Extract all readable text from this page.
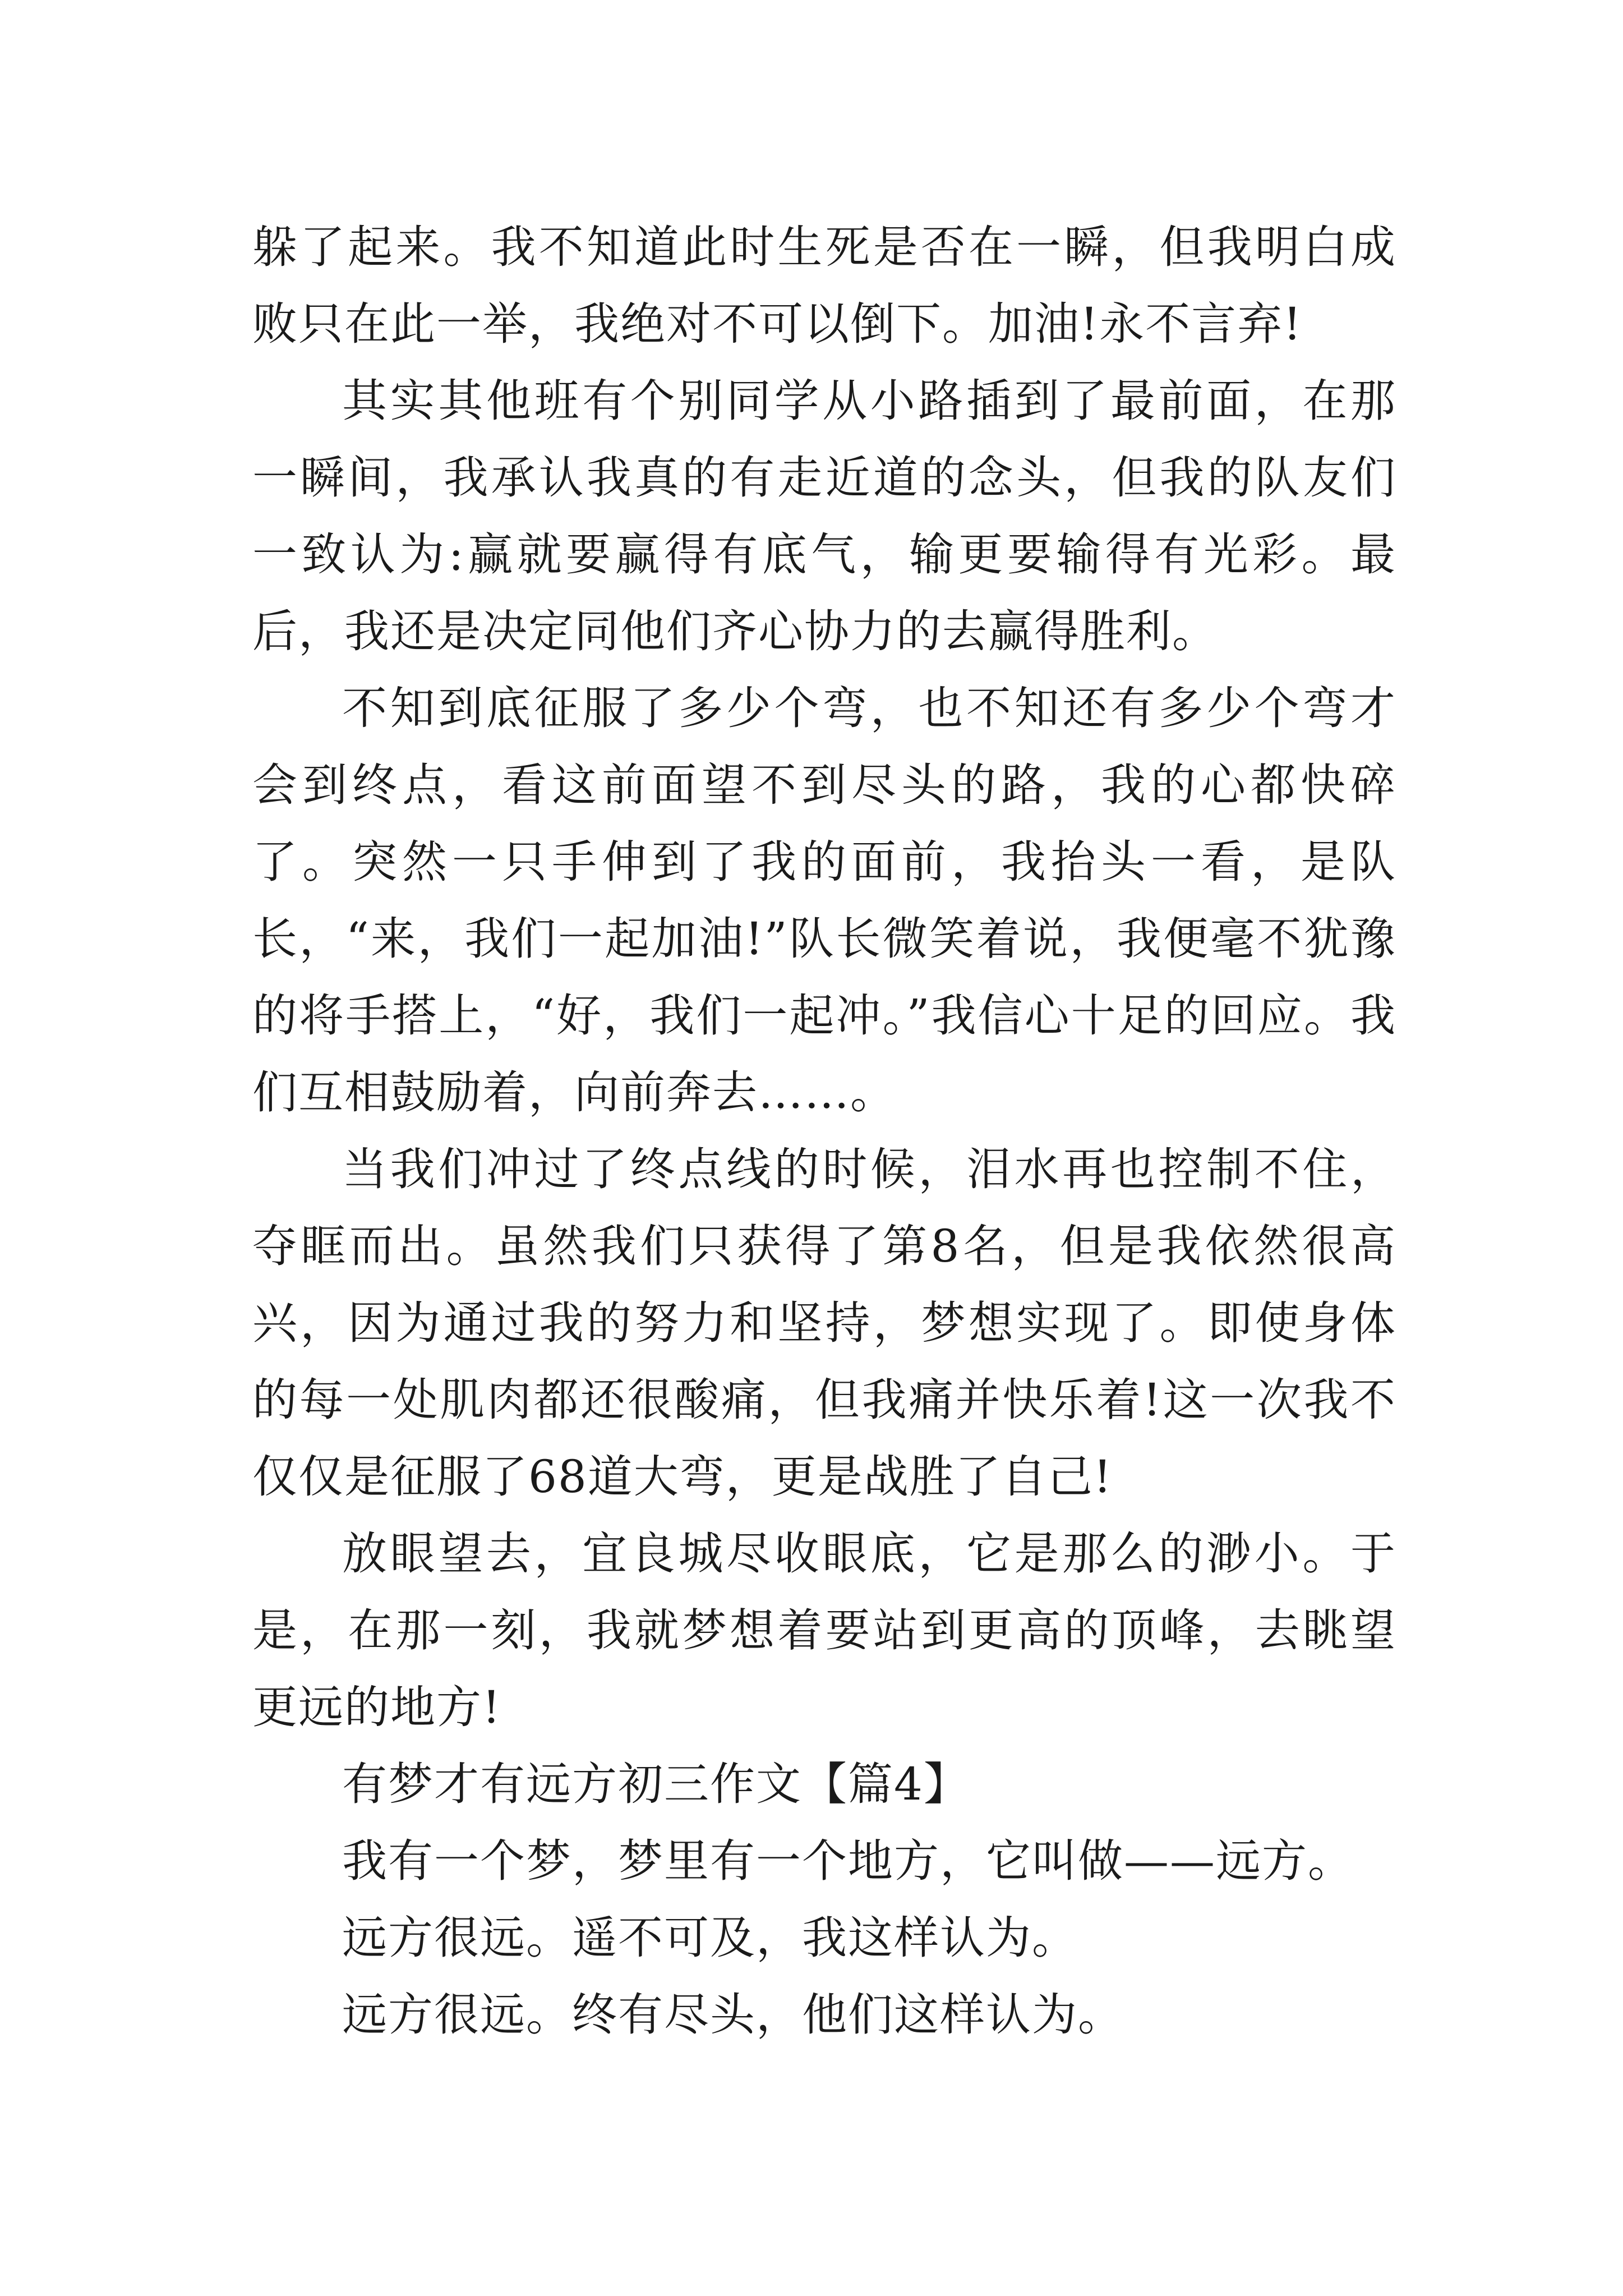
躲了起来。我不知道此时生死是否在一瞬，但我明白成败只在此一举，我绝对不可以倒下。加油!永不言弃!

其实其他班有个别同学从小路插到了最前面，在那一瞬间，我承认我真的有走近道的念头，但我的队友们一致认为:赢就要赢得有底气，输更要输得有光彩。最后，我还是决定同他们齐心协力的去赢得胜利。

不知到底征服了多少个弯，也不知还有多少个弯才会到终点，看这前面望不到尽头的路，我的心都快碎了。突然一只手伸到了我的面前，我抬头一看，是队长，“来，我们一起加油!”队长微笑着说，我便毫不犹豫的将手搭上，“好，我们一起冲。”我信心十足的回应。我们互相鼓励着，向前奔去……。

当我们冲过了终点线的时候，泪水再也控制不住，夺眶而出。虽然我们只获得了第8名，但是我依然很高兴，因为通过我的努力和坚持，梦想实现了。即使身体的每一处肌肉都还很酸痛，但我痛并快乐着!这一次我不仅仅是征服了68道大弯，更是战胜了自己!

放眼望去，宜良城尽收眼底，它是那么的渺小。于是，在那一刻，我就梦想着要站到更高的顶峰，去眺望更远的地方!

有梦才有远方初三作文【篇4】

我有一个梦，梦里有一个地方，它叫做——远方。

远方很远。遥不可及，我这样认为。

远方很远。终有尽头，他们这样认为。
